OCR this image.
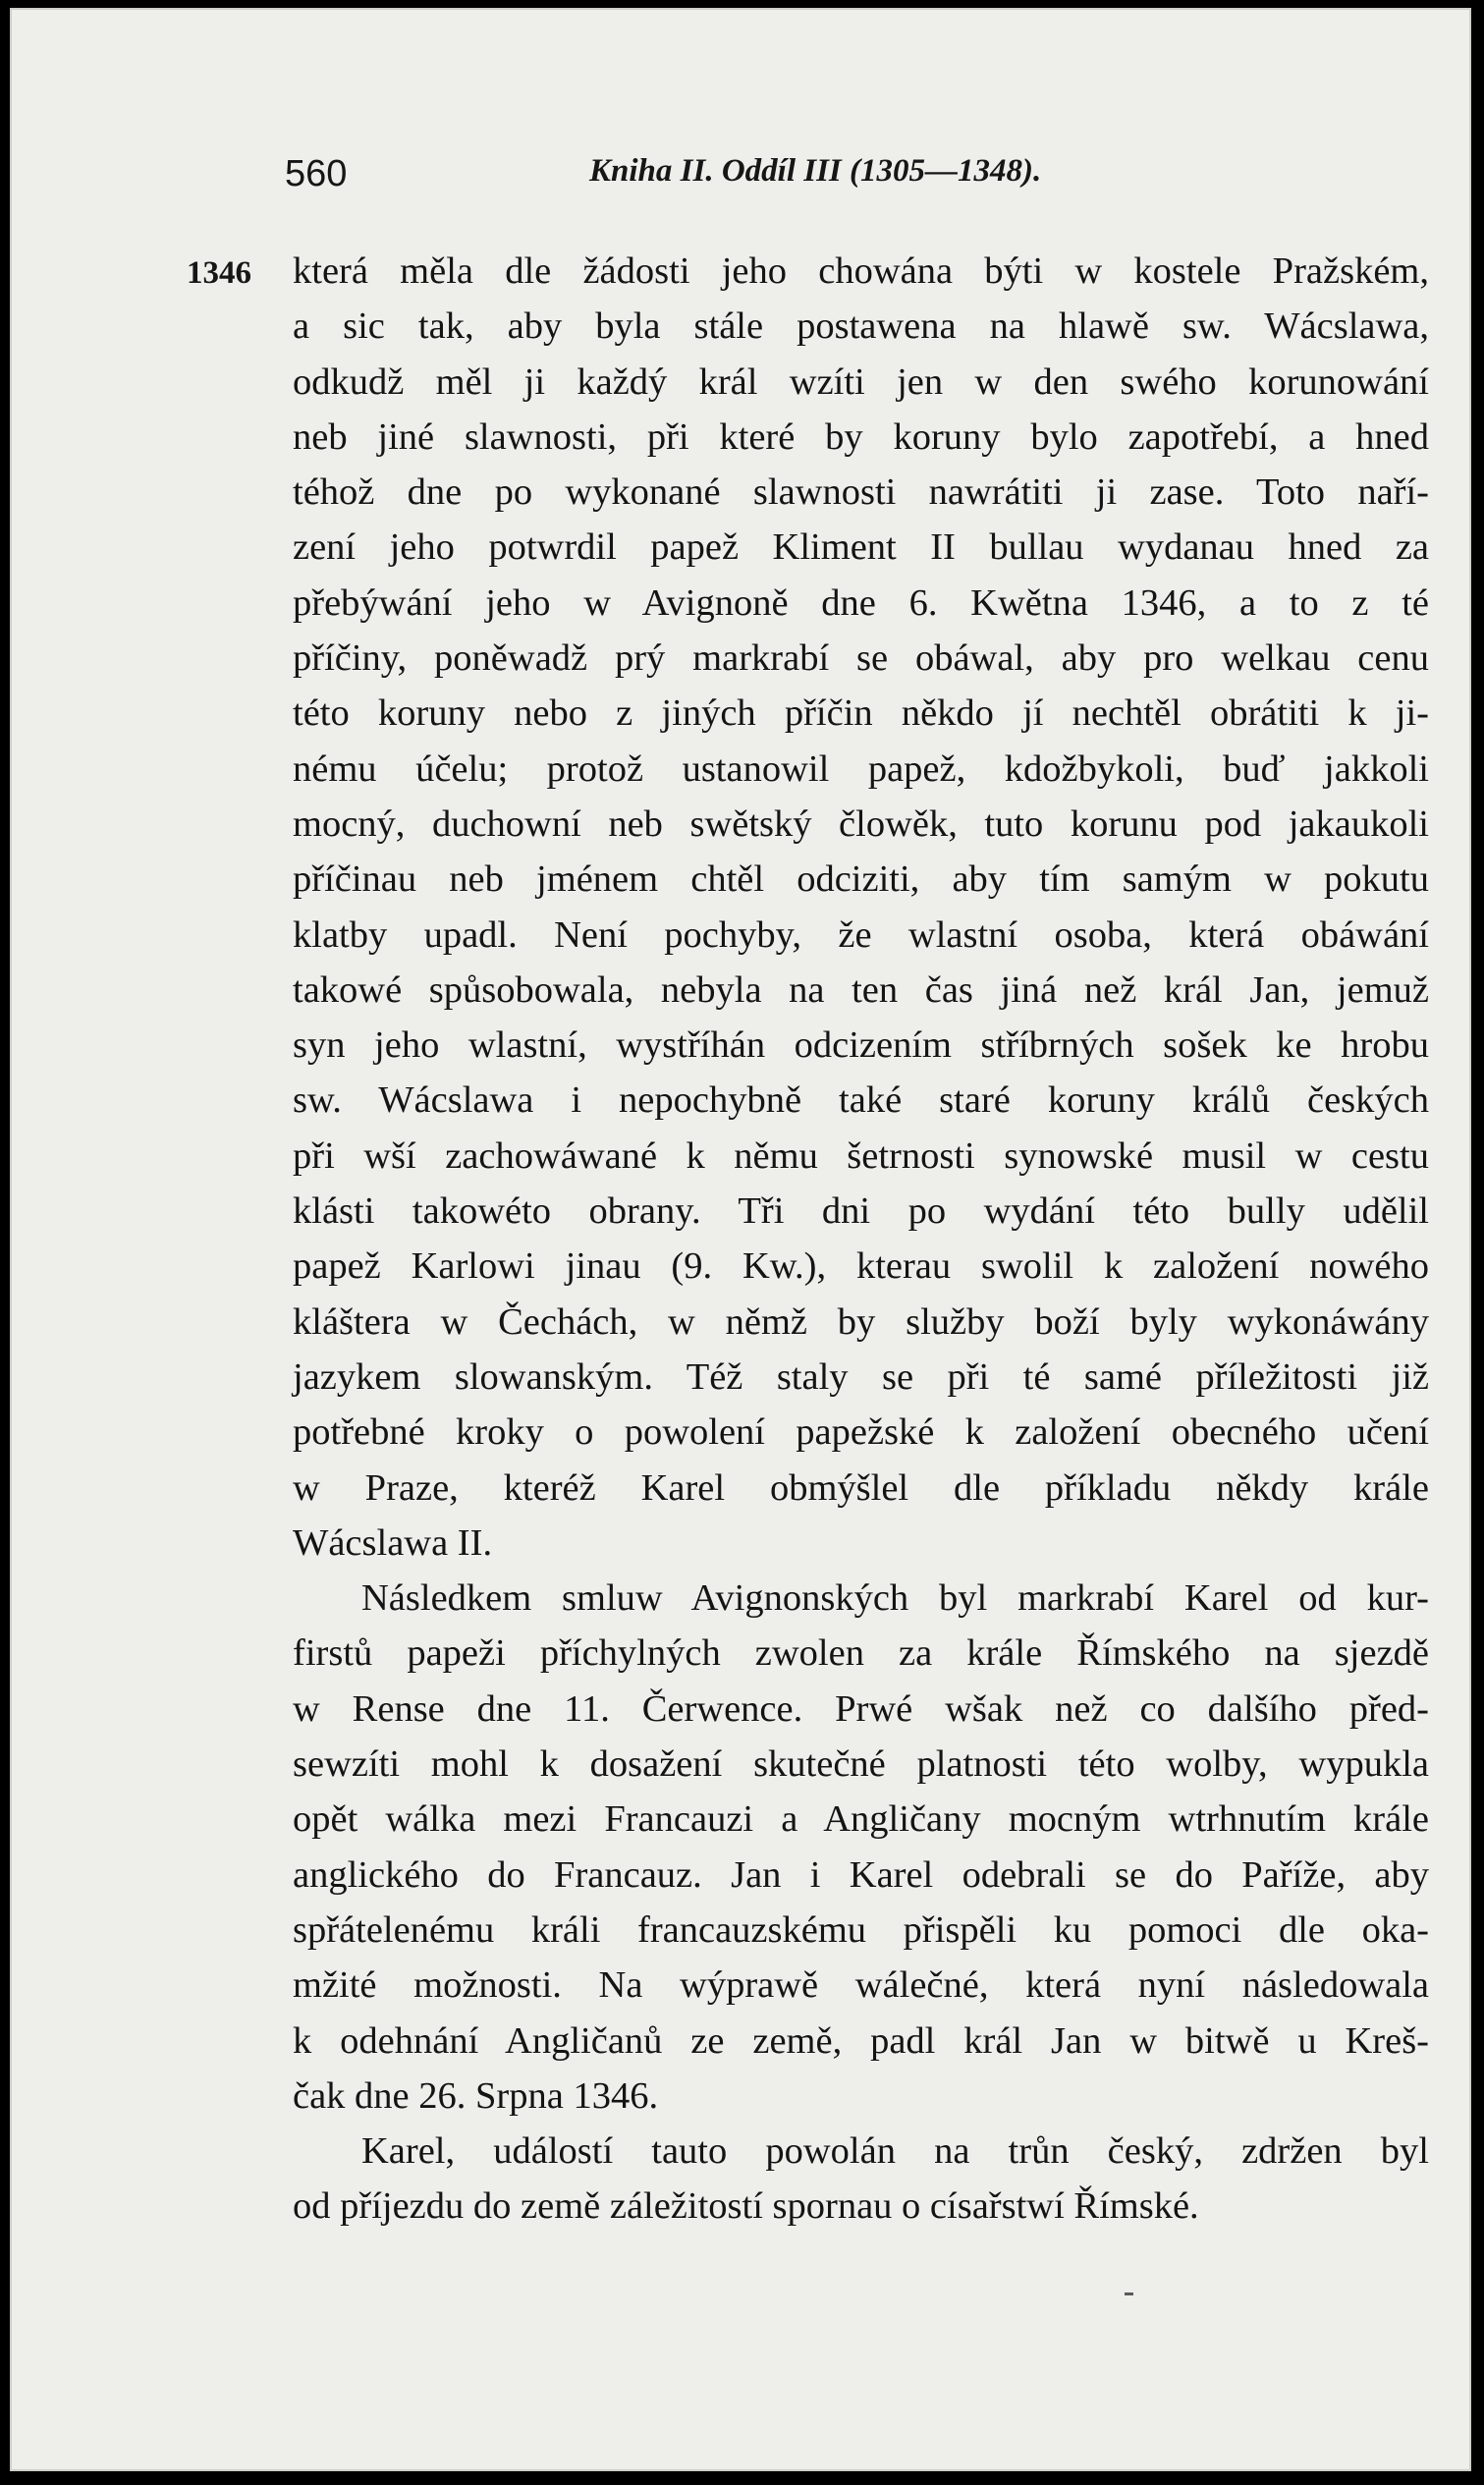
560	Kniha II. Oddíl III (1305—1348).
1346 která měla dle žádosti jeho chowána býti w kostele Pražském,

a sic tak, aby byla stále postawena na hlawě sw. Wácslawa,

odkudž měl ji každý král wzíti jen w den swého korunowání

neb jiné slawnosti, při které by koruny bylo zapotřebí, a hned

téhož dne po wykonané slawnosti nawrátiti ji zase. Toto naří-

zení jeho potwrdil papež Kliment II bullau wydanau hned za

přebýwání jeho w Avignoně dne 6. Kwětna 1346, a to z té

příčiny, poněwadž prý markrabí se obáwal, aby pro welkau cenu

této koruny nebo z jiných příčin někdo jí nechtěl obrátiti k ji-

nému účelu; protož ustanowil papež, kdožbykoli, buď jakkoli

mocný, duchowní neb swětský člowěk, tuto korunu pod jakaukoli

příčinau neb jménem chtěl odciziti, aby tím samým w pokutu

klatby upadl. Není pochyby, že wlastní osoba, která obáwání

takowé spůsobowala, nebyla na ten čas jiná než král Jan, jemuž

syn jeho wlastní, wystříhán odcizením stříbrných sošek ke hrobu

sw. Wácslawa i nepochybně také staré koruny králů českých

při wší zachowáwané k němu šetrnosti synowské musil w cestu

klásti takowéto obrany. Tři dni po wydání této bully udělil

papež Karlowi jinau (9. Kw.), kterau swolil k založení nowého

kláštera w Čechách, w němž by služby boží byly wykonáwány

jazykem slowanským. Též staly se při té samé příležitosti již

potřebné kroky o powolení papežské k založení obecného učení

w Praze, kteréž Karel obmýšlel dle příkladu někdy krále

Wácslawa II.

Následkem smluw Avignonských byl markrabí Karel od kur-

firstů papeži příchylných zwolen za krále Římského na sjezdě

w Rense dne 11. Čerwence. Prwé wšak než co dalšího před-

sewzíti mohl k dosažení skutečné platnosti této wolby, wypukla

opět wálka mezi Francauzi a Angličany mocným wtrhnutím krále

anglického do Francauz. Jan i Karel odebrali se do Paříže, aby

spřátelenému králi francauzskému přispěli ku pomoci dle oka-

mžité možnosti. Na wýprawě wálečné, která nyní následowala

k odehnání Angličanů ze země, padl král Jan w bitwě u Kreš-

čak dne 26. Srpna 1346.

Karel, událostí tauto powolán na trůn český, zdržen byl

od příjezdu do země záležitostí spornau o císařstwí Římské.
